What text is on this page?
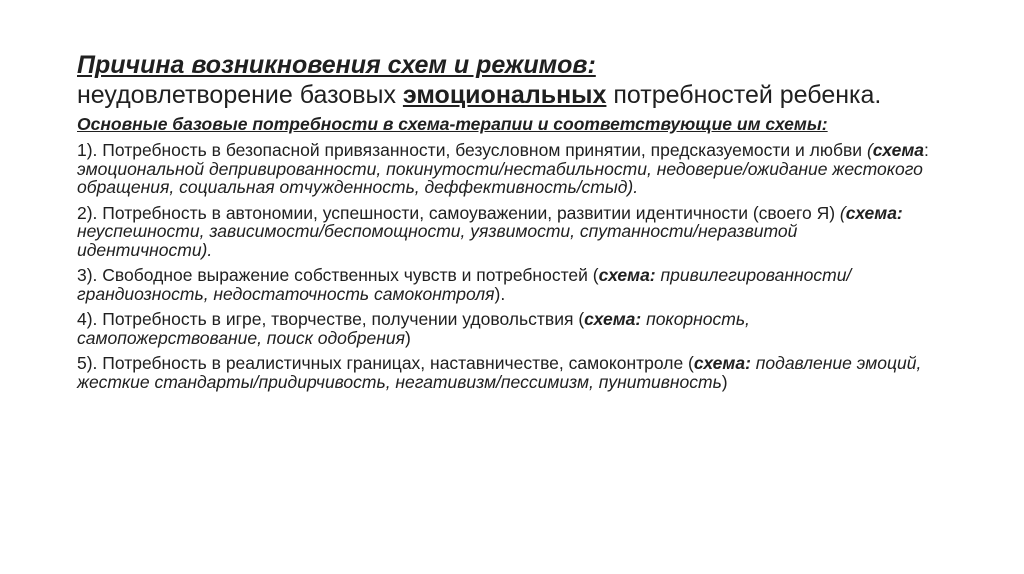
Причина возникновения схем и режимов:
неудовлетворение базовых эмоциональных потребностей ребенка.
Основные базовые потребности в схема-терапии и соответствующие им схемы:
1). Потребность в безопасной привязанности, безусловном принятии, предсказуемости и любви (схема: эмоциональной депривированности, покинутости/нестабильности, недоверие/ожидание жестокого обращения, социальная отчужденность, деффективность/стыд).
2). Потребность в автономии, успешности, самоуважении, развитии идентичности (своего Я) (схема: неуспешности, зависимости/беспомощности, уязвимости, спутанности/неразвитой идентичности).
3). Свободное выражение собственных чувств и потребностей (схема: привилегированности/грандиозность, недостаточность самоконтроля).
4). Потребность в игре, творчестве, получении удовольствия (схема: покорность, самопожерствование, поиск одобрения)
5). Потребность в реалистичных границах, наставничестве, самоконтроле (схема: подавление эмоций, жесткие стандарты/придирчивость, негативизм/пессимизм, пунитивность)
